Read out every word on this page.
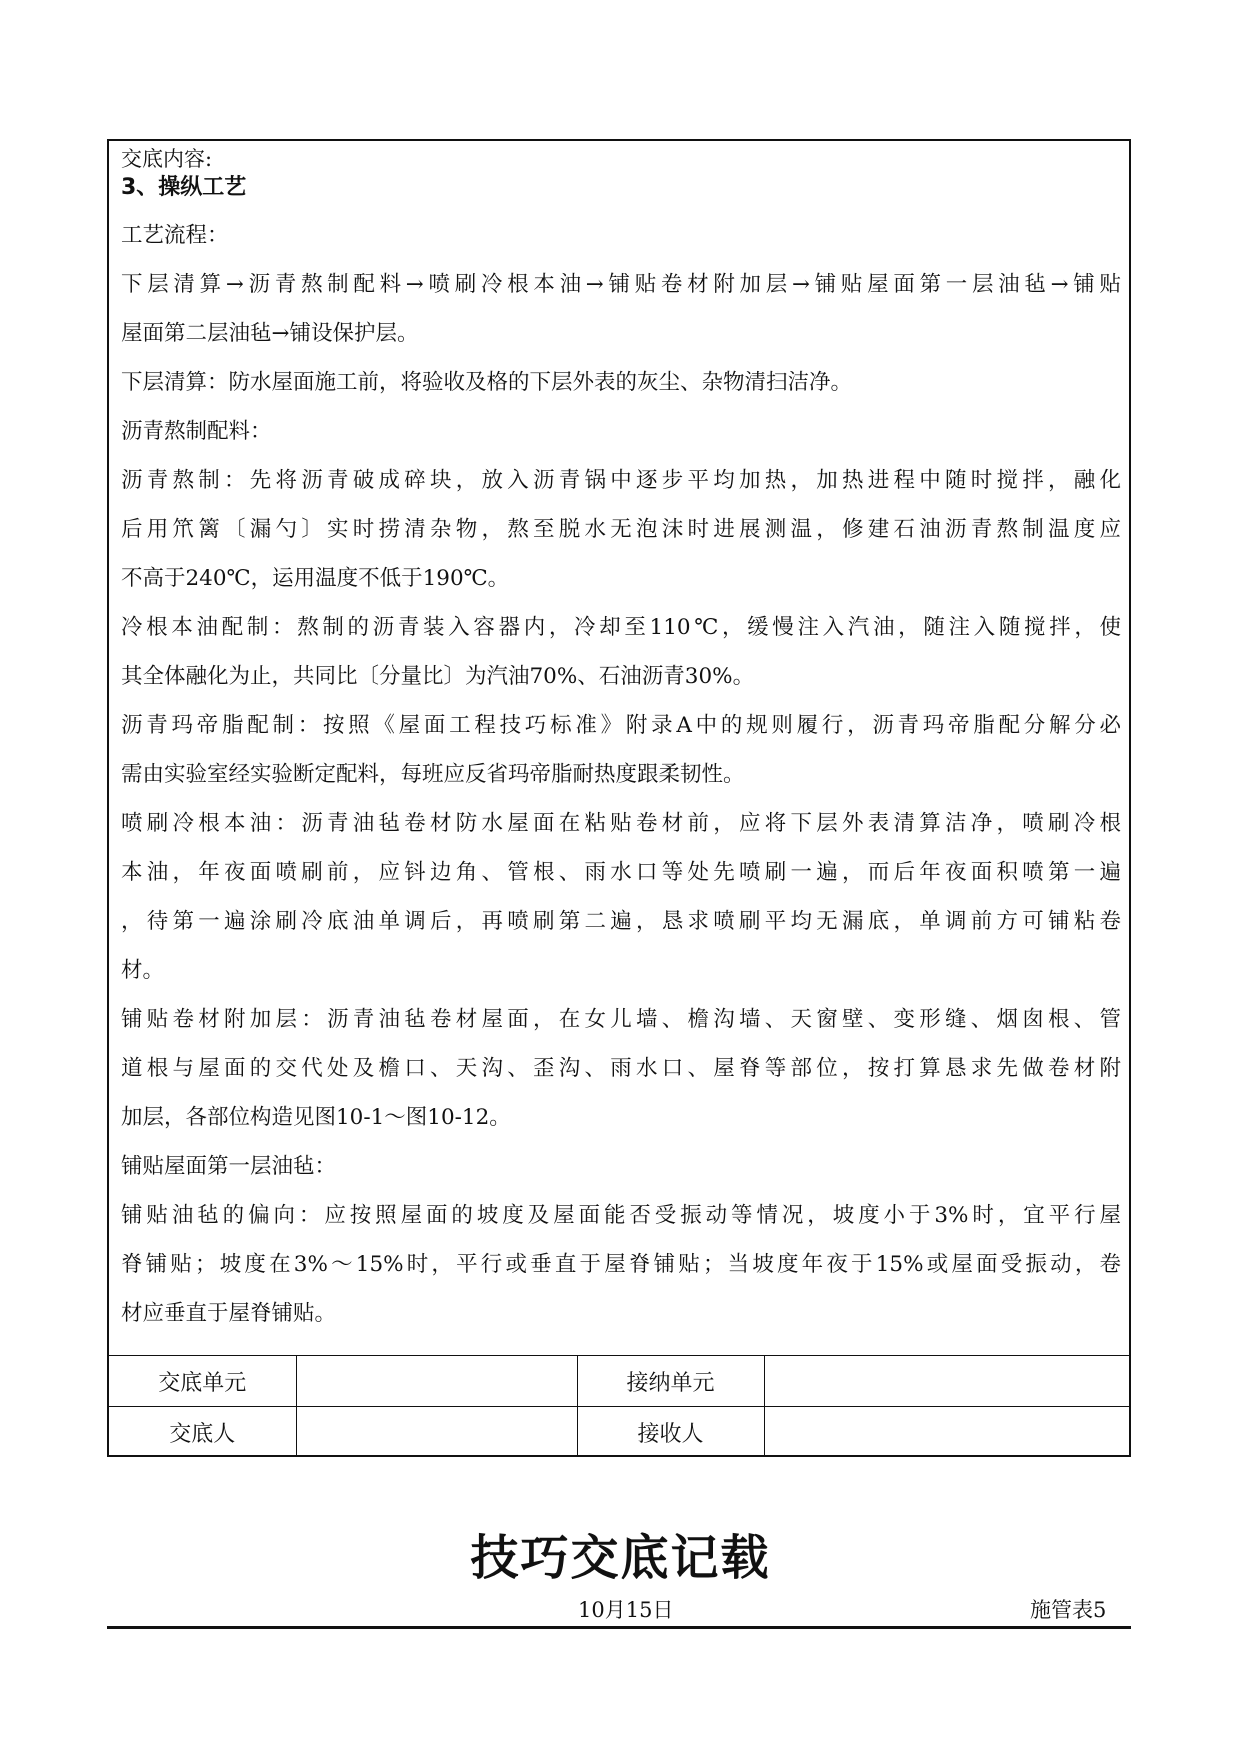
交底内容:
3、操纵工艺
工艺流程：
下层清算→沥青熬制配料→喷刷冷根本油→铺贴卷材附加层→铺贴屋面第一层油毡→铺贴
屋面第二层油毡→铺设保护层。
下层清算：防水屋面施工前，将验收及格的下层外表的灰尘、杂物清扫洁净。
沥青熬制配料：
沥青熬制：先将沥青破成碎块，放入沥青锅中逐步平均加热，加热进程中随时搅拌，融化
后用笊篱〔漏勺〕实时捞清杂物，熬至脱水无泡沫时进展测温，修建石油沥青熬制温度应
不高于240℃，运用温度不低于190℃。
冷根本油配制：熬制的沥青装入容器内，冷却至110℃，缓慢注入汽油，随注入随搅拌，使
其全体融化为止，共同比〔分量比〕为汽油70%、石油沥青30%。
沥青玛帝脂配制：按照《屋面工程技巧标准》附录A中的规则履行，沥青玛帝脂配分解分必
需由实验室经实验断定配料，每班应反省玛帝脂耐热度跟柔韧性。
喷刷冷根本油：沥青油毡卷材防水屋面在粘贴卷材前，应将下层外表清算洁净，喷刷冷根
本油，年夜面喷刷前，应钭边角、管根、雨水口等处先喷刷一遍，而后年夜面积喷第一遍
，待第一遍涂刷冷底油单调后，再喷刷第二遍，恳求喷刷平均无漏底，单调前方可铺粘卷
材。
铺贴卷材附加层：沥青油毡卷材屋面，在女儿墙、檐沟墙、天窗壁、变形缝、烟囱根、管
道根与屋面的交代处及檐口、天沟、歪沟、雨水口、屋脊等部位，按打算恳求先做卷材附
加层，各部位构造见图10-1～图10-12。
铺贴屋面第一层油毡：
铺贴油毡的偏向：应按照屋面的坡度及屋面能否受振动等情况，坡度小于3%时，宜平行屋
脊铺贴；坡度在3%～15%时，平行或垂直于屋脊铺贴；当坡度年夜于15%或屋面受振动，卷
材应垂直于屋脊铺贴。
交底单元		接纳单元	
交底人		接收人	
技巧交底记载
10月15日	施管表5
